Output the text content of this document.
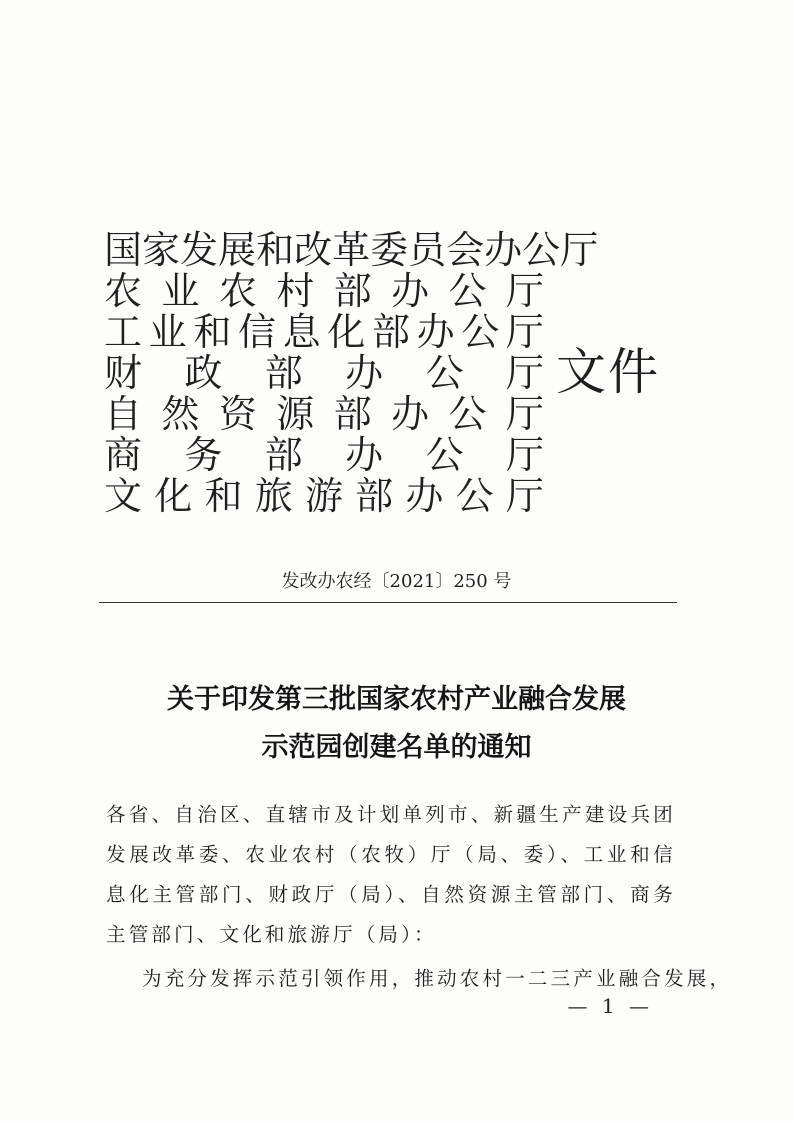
国 家 发 展 和 改 革 委 员 会 办 公 厅
农 业 农 村 部 办 公 厅
工 业 和 信 息 化 部 办 公 厅
财 政 部 办 公 厅
自 然 资 源 部 办 公 厅
商 务 部 办 公 厅
文 化 和 旅 游 部 办 公 厅
文件
发改办农经〔2021〕250 号
关于印发第三批国家农村产业融合发展
示范园创建名单的通知

各省、自治区、直辖市及计划单列市、新疆生产建设兵团发展改革委、农业农村（农牧）厅（局、委）、工业和信息化主管部门、财政厅（局）、自然资源主管部门、商务主管部门、文化和旅游厅（局）：

为充分发挥示范引领作用，推动农村一二三产业融合发展，

— 1 —
